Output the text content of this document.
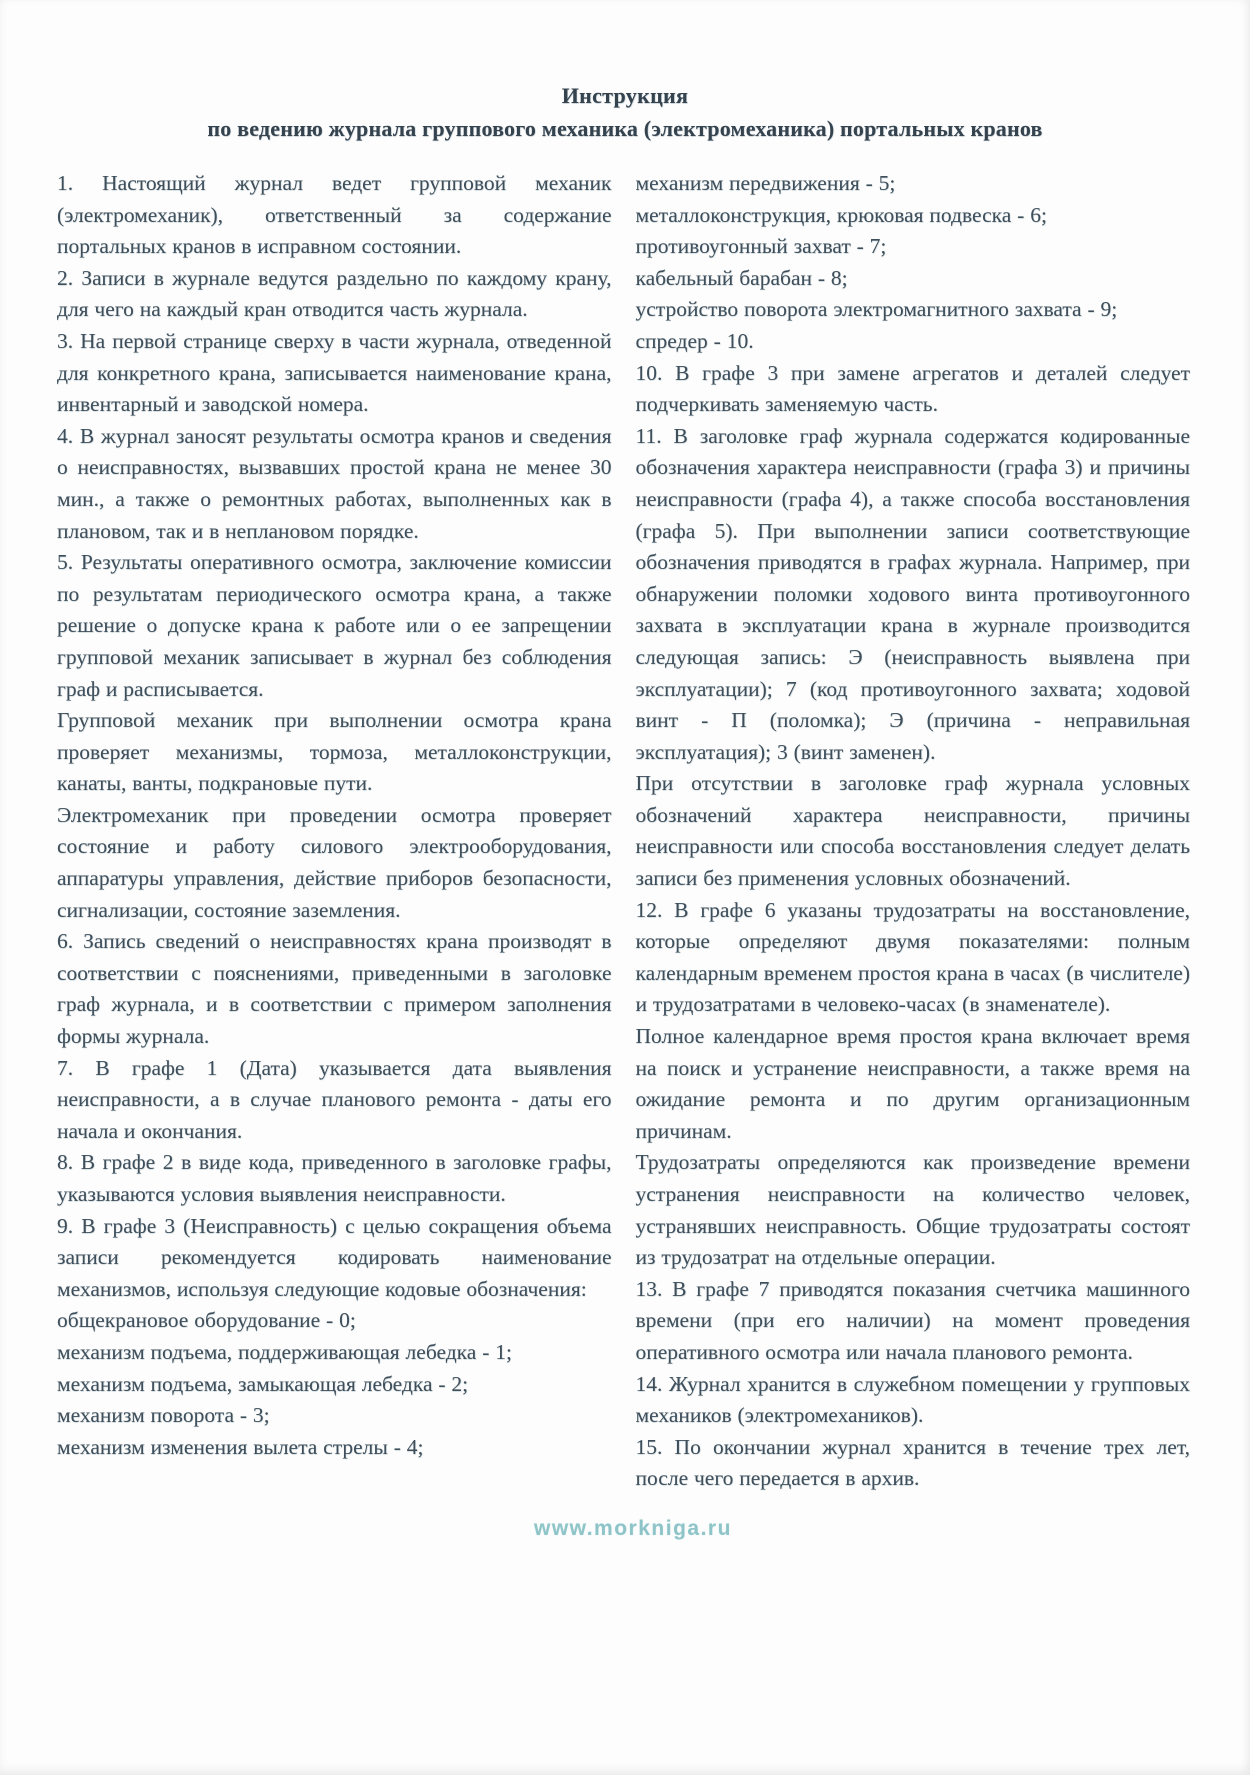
Инструкция
по ведению журнала группового механика (электромеханика) портальных кранов

1. Настоящий журнал ведет групповой механик (электромеханик), ответственный за содержание портальных кранов в исправном состоянии.

2. Записи в журнале ведутся раздельно по каждому крану, для чего на каждый кран отводится часть журнала.

3. На первой странице сверху в части журнала, отведенной для конкретного крана, записывается наименование крана, инвентарный и заводской номера.

4. В журнал заносят результаты осмотра кранов и сведения о неисправностях, вызвавших простой крана не менее 30 мин., а также о ремонтных работах, выполненных как в плановом, так и в неплановом порядке.

5. Результаты оперативного осмотра, заключение комиссии по результатам периодического осмотра крана, а также решение о допуске крана к работе или о ее запрещении групповой механик записывает в журнал без соблюдения граф и расписывается.

Групповой механик при выполнении осмотра крана проверяет механизмы, тормоза, металлоконструкции, канаты, ванты, подкрановые пути.

Электромеханик при проведении осмотра проверяет состояние и работу силового электрооборудования, аппаратуры управления, действие приборов безопасности, сигнализации, состояние заземления.

6. Запись сведений о неисправностях крана производят в соответствии с пояснениями, приведенными в заголовке граф журнала, и в соответствии с примером заполнения формы журнала.

7. В графе 1 (Дата) указывается дата выявления неисправности, а в случае планового ремонта - даты его начала и окончания.

8. В графе 2 в виде кода, приведенного в заголовке графы, указываются условия выявления неисправности.

9. В графе 3 (Неисправность) с целью сокращения объема записи рекомендуется кодировать наименование механизмов, используя следующие кодовые обозначения:

общекрановое оборудование - 0;

механизм подъема, поддерживающая лебедка - 1;

механизм подъема, замыкающая лебедка - 2;

механизм поворота - 3;

механизм изменения вылета стрелы - 4;

механизм передвижения - 5;

металлоконструкция, крюковая подвеска - 6;

противоугонный захват - 7;

кабельный барабан - 8;

устройство поворота электромагнитного захвата - 9;

спредер - 10.

10. В графе 3 при замене агрегатов и деталей следует подчеркивать заменяемую часть.

11. В заголовке граф журнала содержатся кодированные обозначения характера неисправности (графа 3) и причины неисправности (графа 4), а также способа восстановления (графа 5). При выполнении записи соответствующие обозначения приводятся в графах журнала. Например, при обнаружении поломки ходового винта противоугонного захвата в эксплуатации крана в журнале производится следующая запись: Э (неисправность выявлена при эксплуатации); 7 (код противоугонного захвата; ходовой винт - П (поломка); Э (причина - неправильная эксплуатация); 3 (винт заменен).

При отсутствии в заголовке граф журнала условных обозначений характера неисправности, причины неисправности или способа восстановления следует делать записи без применения условных обозначений.

12. В графе 6 указаны трудозатраты на восстановление, которые определяют двумя показателями: полным календарным временем простоя крана в часах (в числителе) и трудозатратами в человеко-часах (в знаменателе).

Полное календарное время простоя крана включает время на поиск и устранение неисправности, а также время на ожидание ремонта и по другим организационным причинам.

Трудозатраты определяются как произведение времени устранения неисправности на количество человек, устранявших неисправность. Общие трудозатраты состоят из трудозатрат на отдельные операции.

13. В графе 7 приводятся показания счетчика машинного времени (при его наличии) на момент проведения оперативного осмотра или начала планового ремонта.

14. Журнал хранится в служебном помещении у групповых механиков (электромехаников).

15. По окончании журнал хранится в течение трех лет, после чего передается в архив.

www.morkniga.ru
